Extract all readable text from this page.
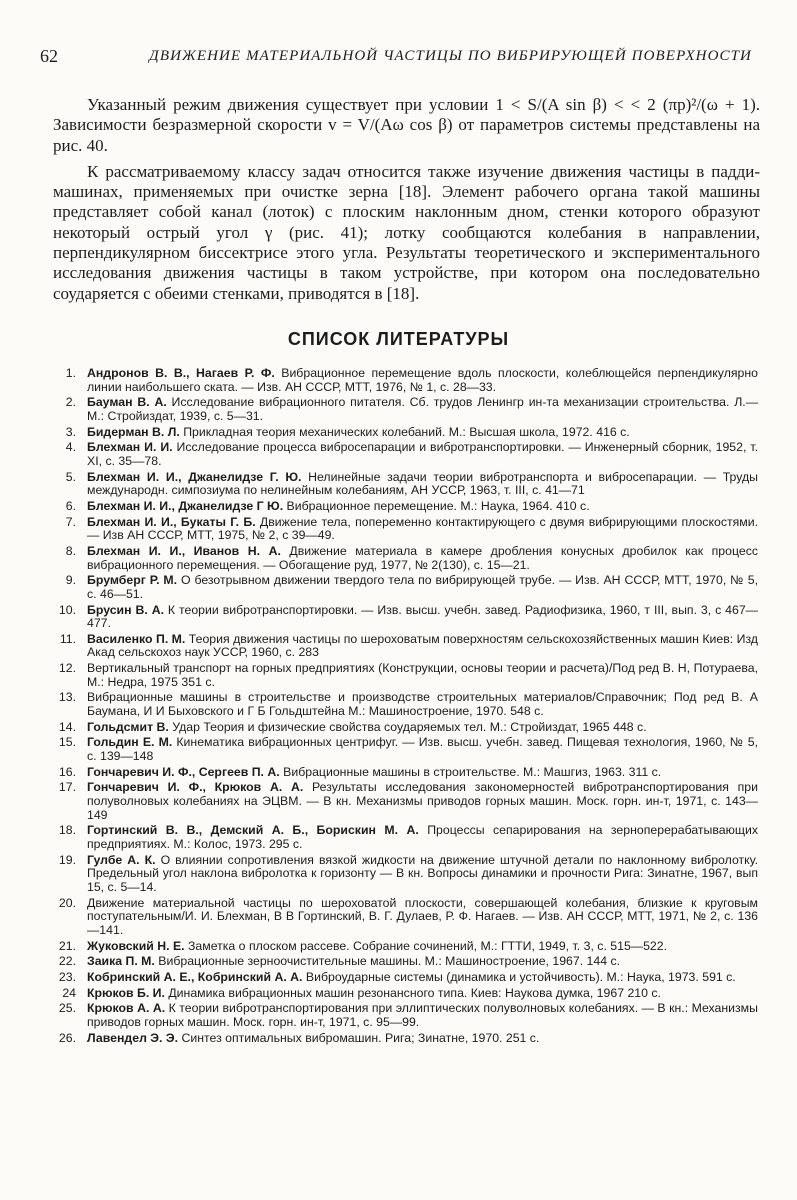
62	ДВИЖЕНИЕ МАТЕРИАЛЬНОЙ ЧАСТИЦЫ ПО ВИБРИРУЮЩЕЙ ПОВЕРХНОСТИ

Указанный режим движения существует при условии 1 < S/(A sin β) < < 2 (πp)²/(ω + 1). Зависимости безразмерной скорости v = V/(Aω cos β) от параметров системы представлены на рис. 40.

К рассматриваемому классу задач относится также изучение движения частицы в падди-машинах, применяемых при очистке зерна [18]. Элемент рабочего органа такой машины представляет собой канал (лоток) с плоским наклонным дном, стенки которого образуют некоторый острый угол γ (рис. 41); лотку сообщаются колебания в направлении, перпендикулярном биссектрисе этого угла. Результаты теоретического и экспериментального исследования движения частицы в таком устройстве, при котором она последовательно соударяется с обеими стенками, приводятся в [18].

СПИСОК ЛИТЕРАТУРЫ
1. Андронов В. В., Нагаев Р. Ф. Вибрационное перемещение вдоль плоскости, колеблющейся перпендикулярно линии наибольшего ската. — Изв. АН СССР, МТТ, 1976, № 1, с. 28—33.
2. Бауман В. А. Исследование вибрационного питателя. Сб. трудов Ленингр ин-та механизации строительства. Л.—М.: Стройиздат, 1939, с. 5—31.
3. Бидерман В. Л. Прикладная теория механических колебаний. М.: Высшая школа, 1972. 416 с.
4. Блехман И. И. Исследование процесса вибросепарации и вибротранспортировки. — Инженерный сборник, 1952, т. XI, с. 35—78.
5. Блехман И. И., Джанелидзе Г. Ю. Нелинейные задачи теории вибротранспорта и вибросепарации. — Труды международн. симпозиума по нелинейным колебаниям, АН УССР, 1963, т. III, с. 41—71
6. Блехман И. И., Джанелидзе Г Ю. Вибрационное перемещение. М.: Наука, 1964. 410 с.
7. Блехман И. И., Букаты Г. Б. Движение тела, попеременно контактирующего с двумя вибрирующими плоскостями. — Изв АН СССР, МТТ, 1975, № 2, с 39—49.
8. Блехман И. И., Иванов Н. А. Движение материала в камере дробления конусных дробилок как процесс вибрационного перемещения. — Обогащение руд, 1977, № 2(130), с. 15—21.
9. Брумберг Р. М. О безотрывном движении твердого тела по вибрирующей трубе. — Изв. АН СССР, МТТ, 1970, № 5, с. 46—51.
10. Брусин В. А. К теории вибротранспортировки. — Изв. высш. учебн. завед. Радиофизика, 1960, т III, вып. 3, с 467—477.
11. Василенко П. М. Теория движения частицы по шероховатым поверхностям сельскохозяйственных машин Киев: Изд Акад сельскохоз наук УССР, 1960, с. 283
12. Вертикальный транспорт на горных предприятиях (Конструкции, основы теории и расчета)/Под ред В. Н, Потураева, М.: Недра, 1975 351 с.
13. Вибрационные машины в строительстве и производстве строительных материалов/Справочник; Под ред В. А Баумана, И И Быховского и Г Б Гольдштейна М.: Машиностроение, 1970. 548 с.
14. Гольдсмит В. Удар Теория и физические свойства соударяемых тел. М.: Стройиздат, 1965 448 с.
15. Гольдин Е. М. Кинематика вибрационных центрифуг. — Изв. высш. учебн. завед. Пищевая технология, 1960, № 5, с. 139—148
16. Гончаревич И. Ф., Сергеев П. А. Вибрационные машины в строительстве. М.: Машгиз, 1963. 311 с.
17. Гончаревич И. Ф., Крюков А. А. Результаты исследования закономерностей вибротранспортирования при полуволновых колебаниях на ЭЦВМ. — В кн. Механизмы приводов горных машин. Моск. горн. ин-т, 1971, с. 143—149
18. Гортинский В. В., Демский А. Б., Борискин М. А. Процессы сепарирования на зерноперерабатывающих предприятиях. М.: Колос, 1973. 295 с.
19. Гулбе А. К. О влиянии сопротивления вязкой жидкости на движение штучной детали по наклонному вибролотку. Предельный угол наклона вибролотка к горизонту — В кн. Вопросы динамики и прочности Рига: Зинатне, 1967, вып 15, с. 5—14.
20. Движение материальной частицы по шероховатой плоскости, совершающей колебания, близкие к круговым поступательным/И. И. Блехман, В В Гортинский, В. Г. Дулаев, Р. Ф. Нагаев. — Изв. АН СССР, МТТ, 1971, № 2, с. 136—141.
21. Жуковский Н. Е. Заметка о плоском рассеве. Собрание сочинений, М.: ГТТИ, 1949, т. 3, с. 515—522.
22. Заика П. М. Вибрационные зерноочистительные машины. М.: Машиностроение, 1967. 144 с.
23. Кобринский А. Е., Кобринский А. А. Виброударные системы (динамика и устойчивость). М.: Наука, 1973. 591 с.
24 Крюков Б. И. Динамика вибрационных машин резонансного типа. Киев: Наукова думка, 1967 210 с.
25. Крюков А. А. К теории вибротранспортирования при эллиптических полуволновых колебаниях. — В кн.: Механизмы приводов горных машин. Моск. горн. ин-т, 1971, с. 95—99.
26. Лавендел Э. Э. Синтез оптимальных вибромашин. Рига; Зинатне, 1970. 251 с.
